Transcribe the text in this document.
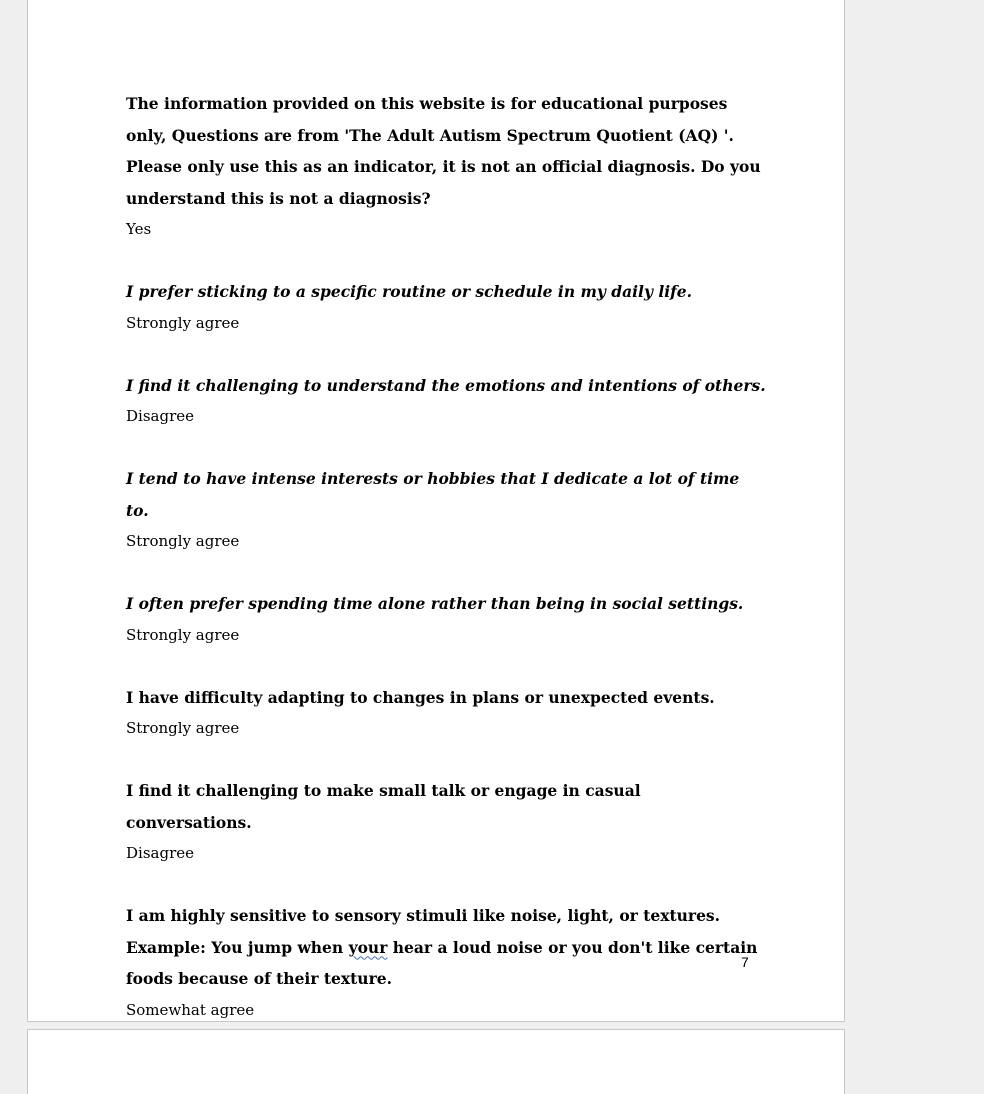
The information provided on this website is for educational purposes only, Questions are from 'The Adult Autism Spectrum Quotient (AQ) '. Please only use this as an indicator, it is not an official diagnosis. Do you understand this is not a diagnosis?

Yes

I prefer sticking to a specific routine or schedule in my daily life.

Strongly agree

I find it challenging to understand the emotions and intentions of others.

Disagree

I tend to have intense interests or hobbies that I dedicate a lot of time to.

Strongly agree

I often prefer spending time alone rather than being in social settings.

Strongly agree

I have difficulty adapting to changes in plans or unexpected events.

Strongly agree

I find it challenging to make small talk or engage in casual conversations.

Disagree

I am highly sensitive to sensory stimuli like noise, light, or textures. Example: You jump when your hear a loud noise or you don't like certain foods because of their texture.

Somewhat agree

7
